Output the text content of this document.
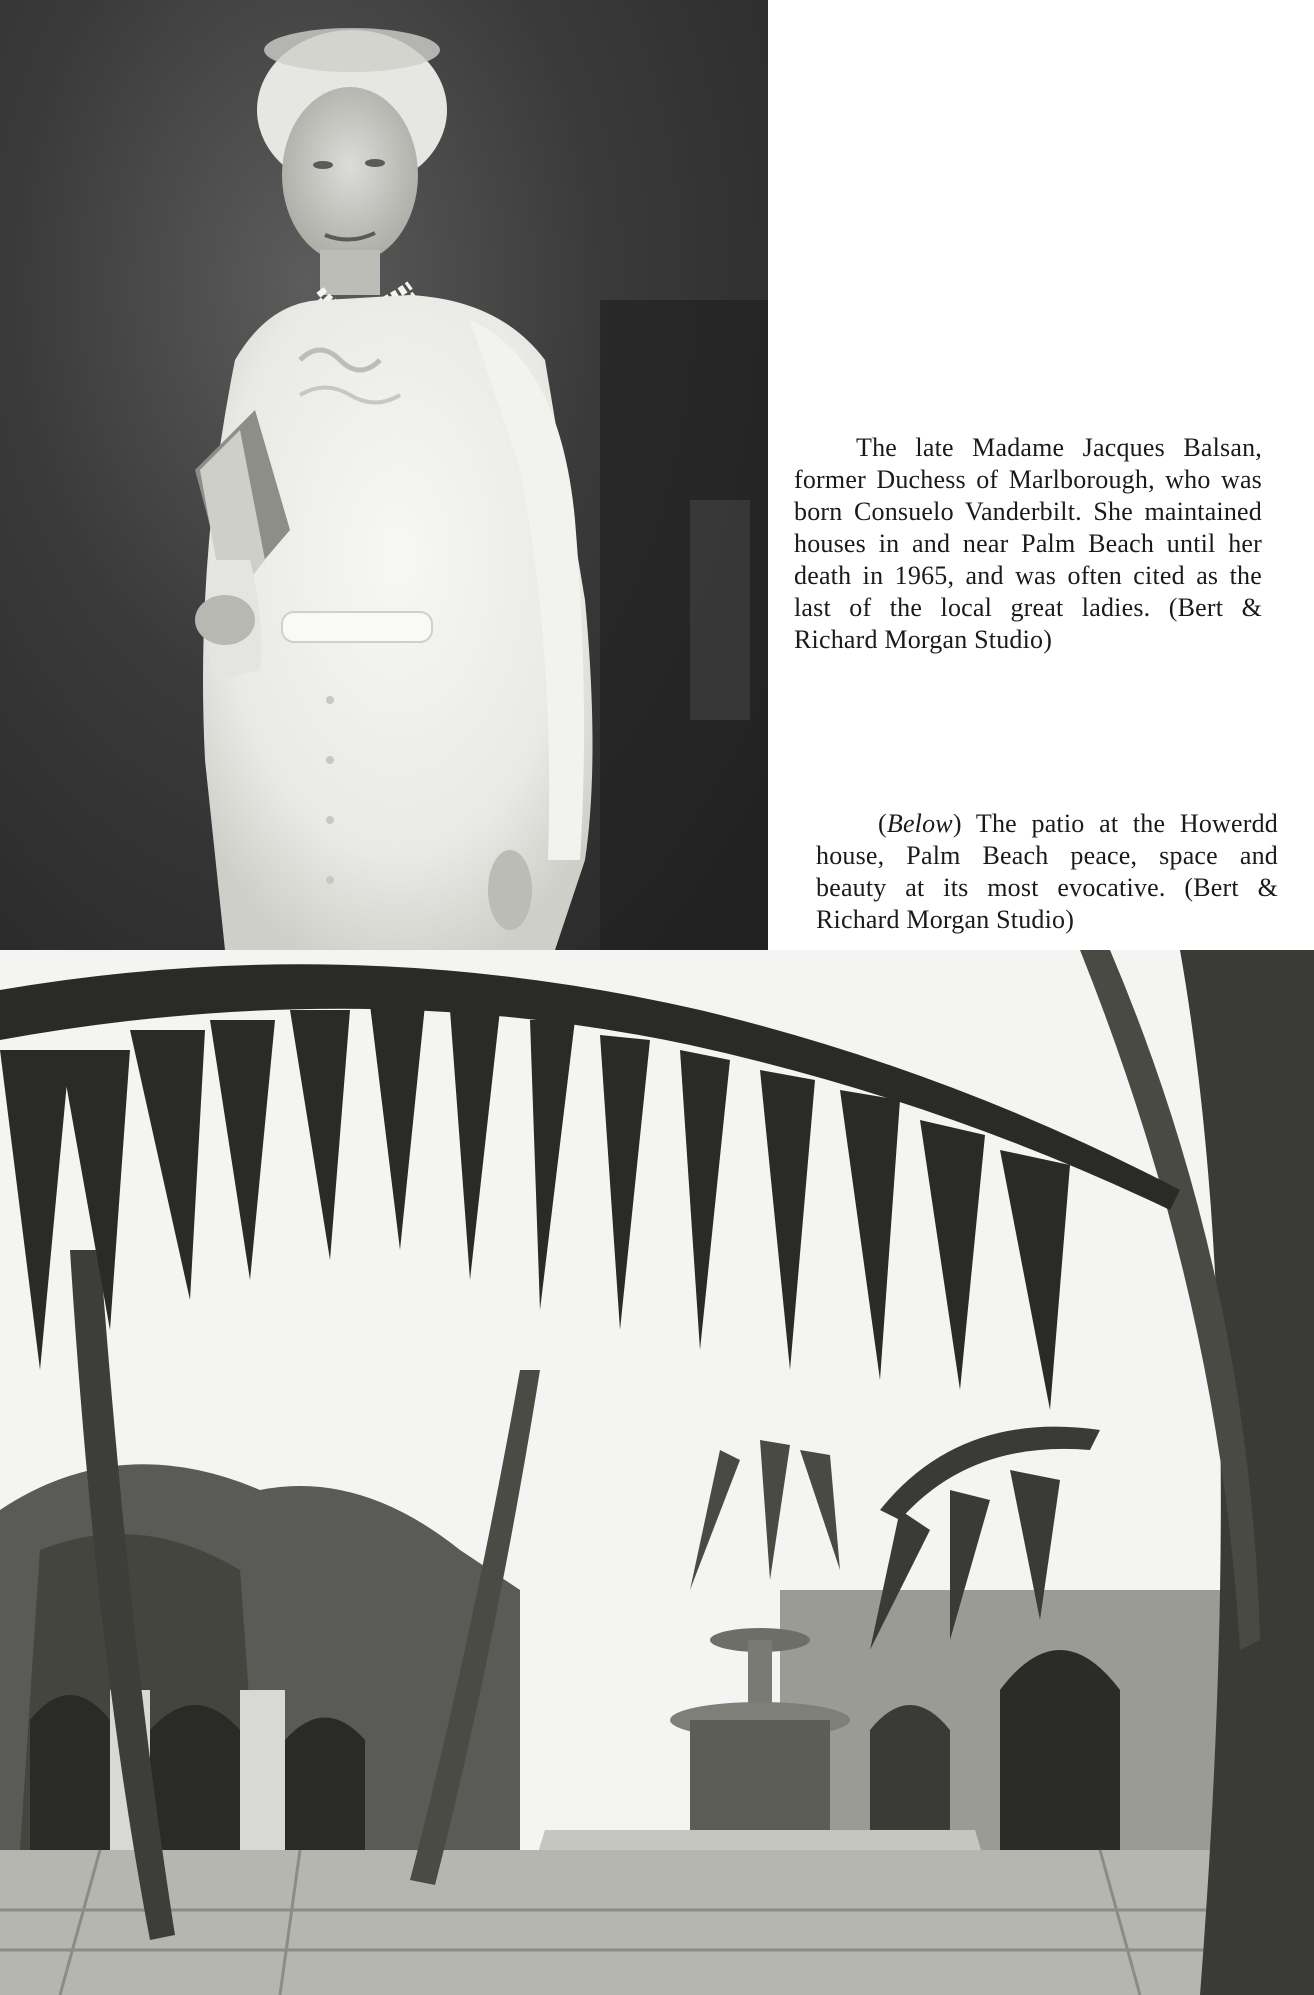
The late Madame Jacques Balsan, former Duchess of Marlborough, who was born Consuelo Vanderbilt. She maintained houses in and near Palm Beach until her death in 1965, and was often cited as the last of the local great ladies. (Bert & Richard Morgan Studio)

(Below) The patio at the Howerdd house, Palm Beach peace, space and beauty at its most evocative. (Bert & Richard Morgan Studio)
